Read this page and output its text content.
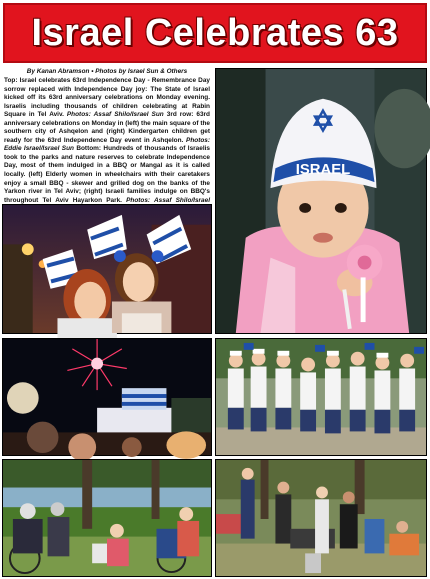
Israel Celebrates 63
By Kanan Abramson • Photos by Israel Sun & Others
Top: Israel celebrates 63rd Independence Day - Remembrance Day sorrow replaced with Independence Day joy: The State of Israel kicked off its 63rd anniversary celebrations on Monday evening. Israelis including thousands of children celebrating at Rabin Square in Tel Aviv. Photos: Assaf Shilo/Israel Sun 3rd row: 63rd anniversary celebrations on Monday in (left) the main square of the southern city of Ashqelon and (right) Kindergarten children get ready for the 63rd Independence Day event in Ashqelon. Photos: Eddie Israel/Israel Sun Bottom: Hundreds of thousands of Israelis took to the parks and nature reserves to celebrate Independence Day, most of them indulged in a BBQ or Mangal as it is called locally. (left) Elderly women in wheelchairs with their caretakers enjoy a small BBQ - skewer and grilled dog on the banks of the Yarkon river in Tel Aviv; (right) Israeli families indulge on BBQ's throughout Tel Aviv Hayarkon Park. Photos: Assaf Shilo/Israel
ISRAEL
